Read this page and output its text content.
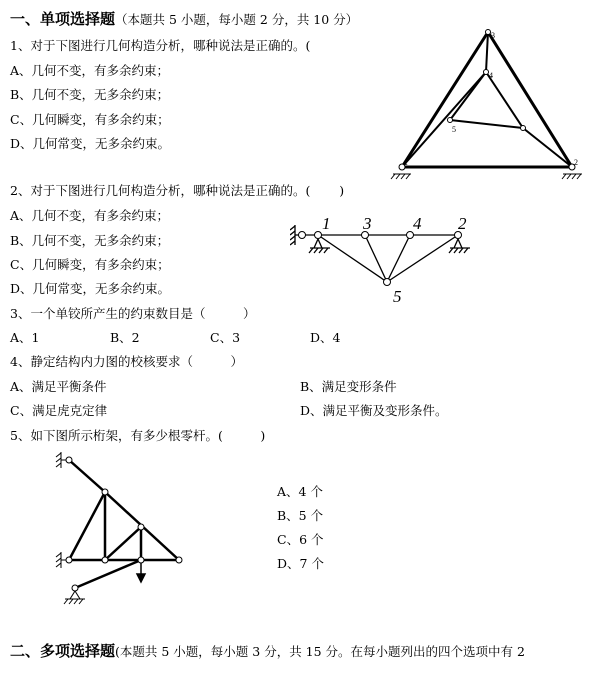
一、单项选择题（本题共 5 小题，每小题 2 分，共 10 分）
1、对于下图进行几何构造分析，哪种说法是正确的。(
A、几何不变，有多余约束；
B、几何不变，无多余约束；
C、几何瞬变，有多余约束；
D、几何常变，无多余约束。
3
4
5
1	2
2、对于下图进行几何构造分析，哪种说法是正确的。(　　 )
A、几何不变，有多余约束；
B、几何不变，无多余约束；
C、几何瞬变，有多余约束；
D、几何常变，无多余约束。
1 3 4 2
5
3、一个单铰所产生的约束数目是（　　　）
A、1	B、2	C、3	D、4
4、静定结构内力图的校核要求（　　　）
A、满足平衡条件	B、满足变形条件
C、满足虎克定律	D、满足平衡及变形条件。
5、如下图所示桁架，有多少根零杆。(　　　)
A、4 个
B、5 个
C、6 个
D、7 个
二、多项选择题(本题共 5 小题，每小题 3 分，共 15 分。在每小题列出的四个选项中有 2
